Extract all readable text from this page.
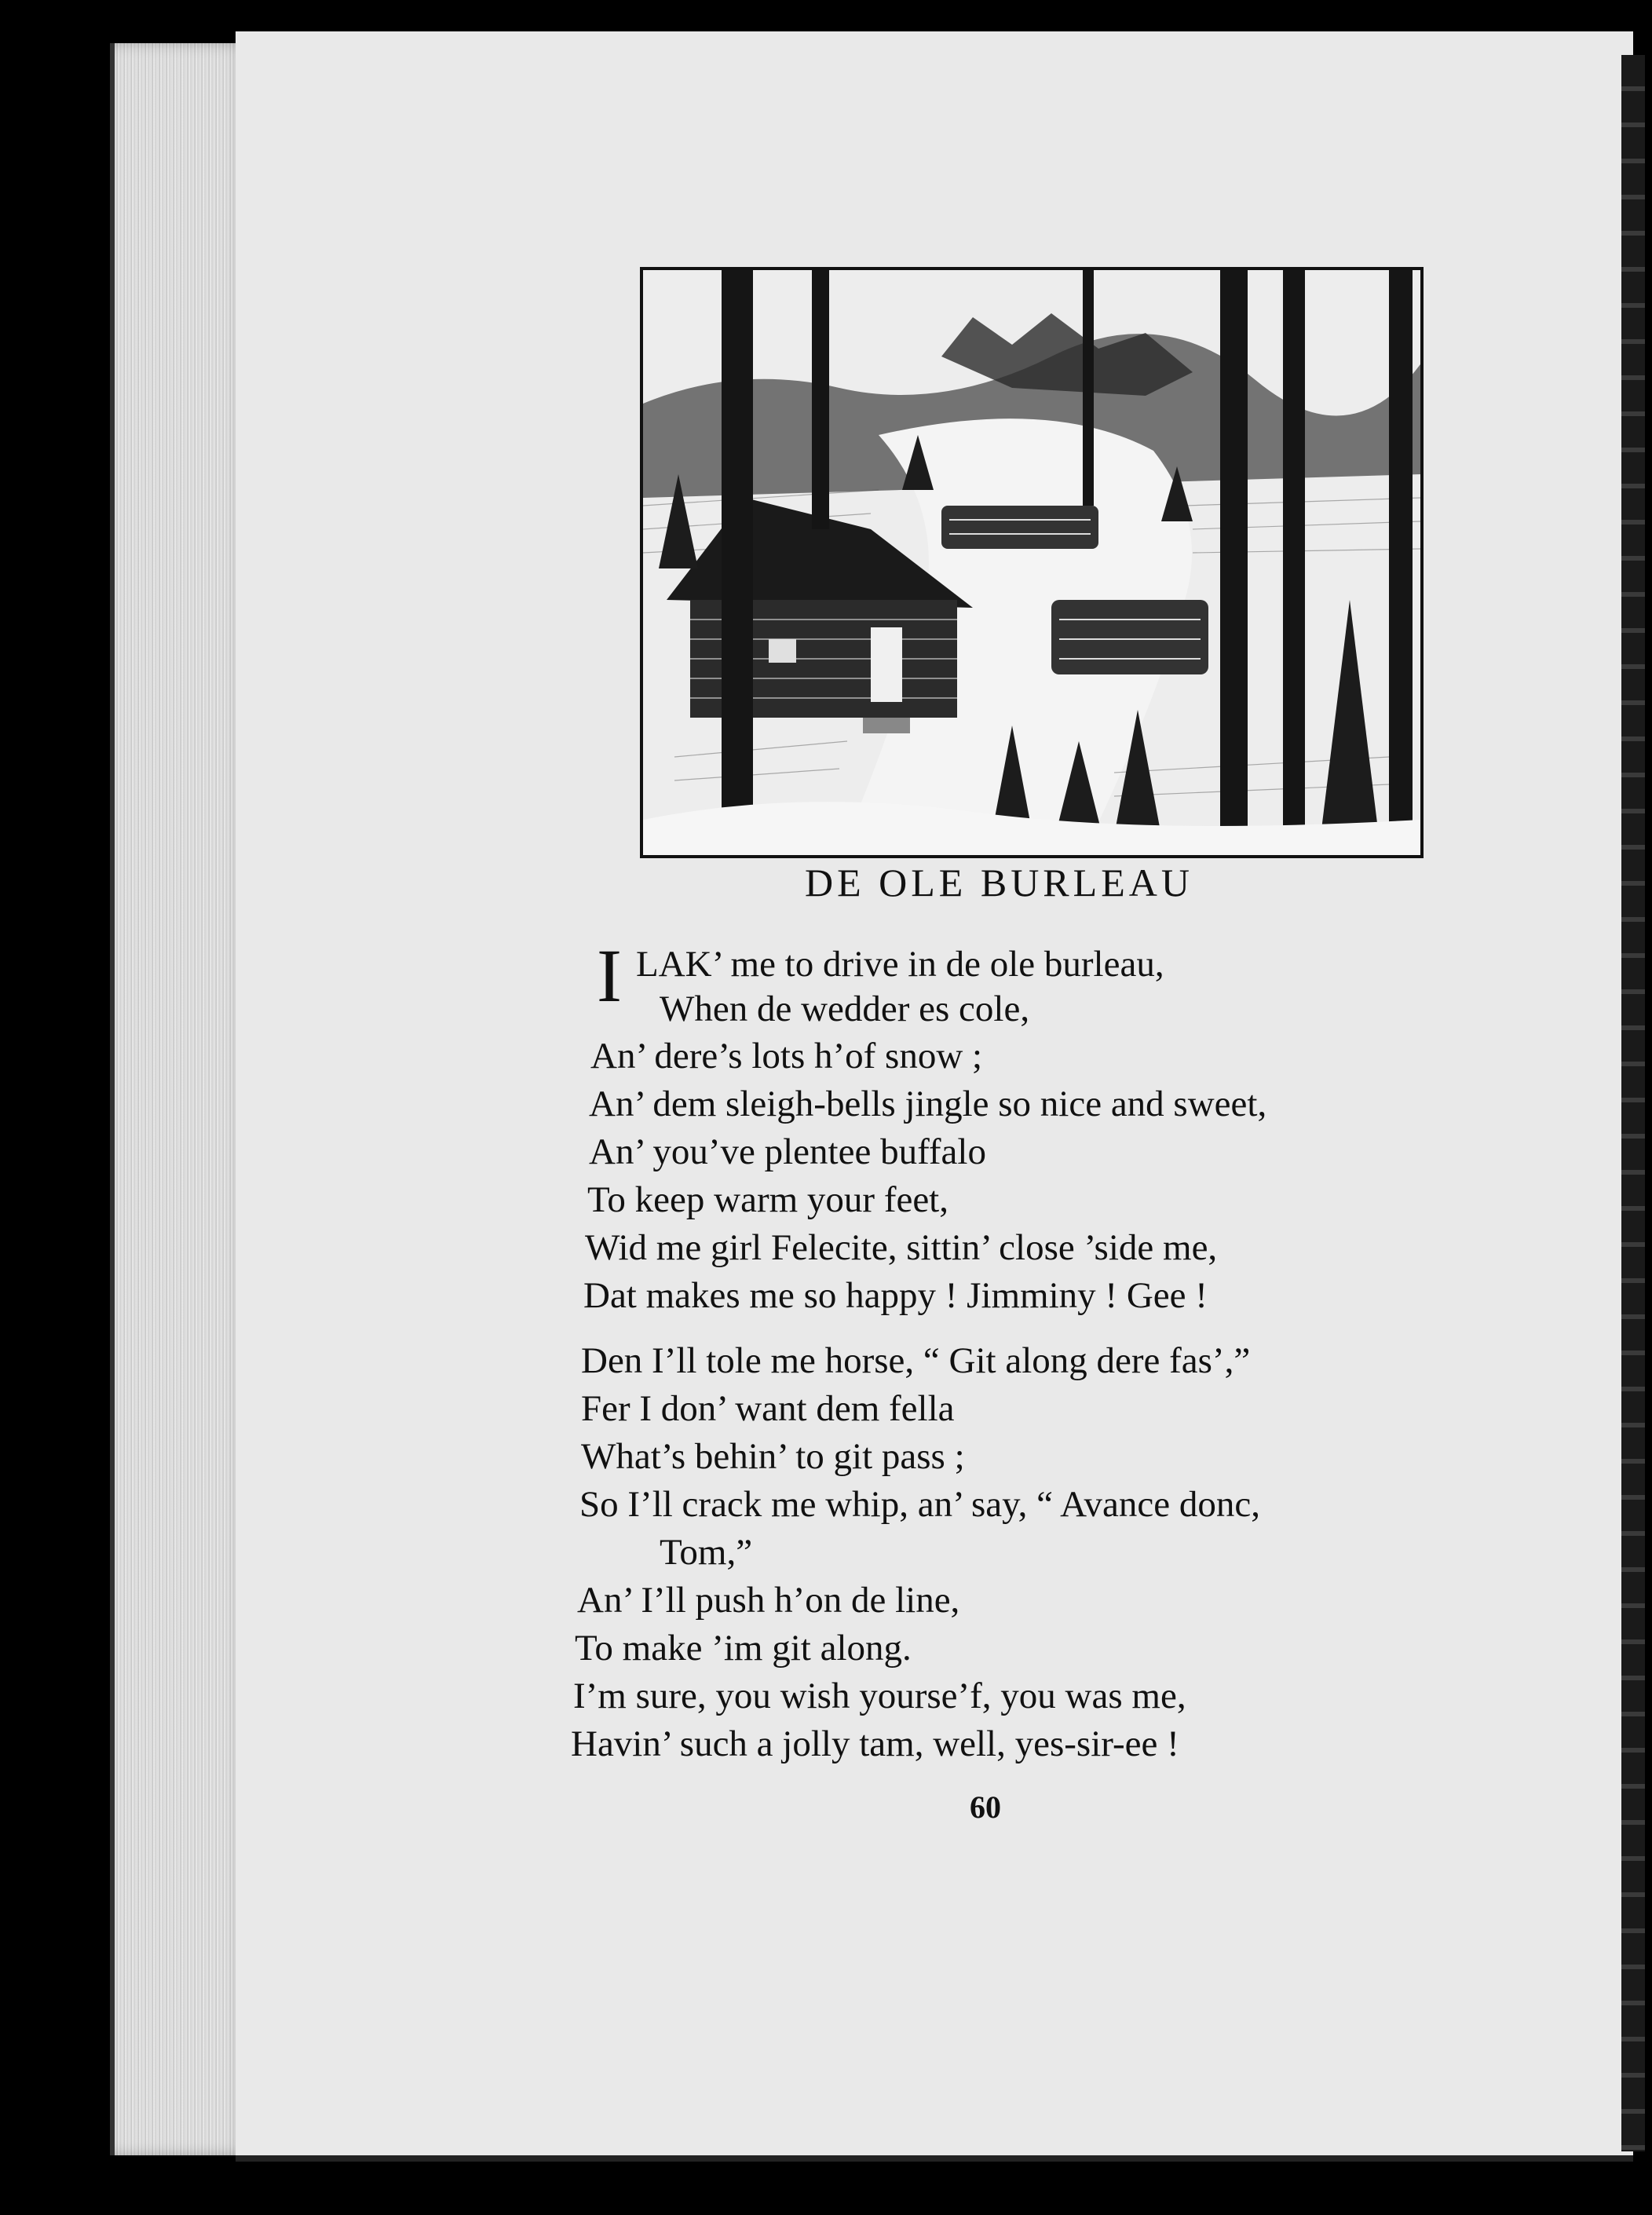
DE OLE BURLEAU
I LAK’ me to drive in de ole burleau,
When de wedder es cole,
An’ dere’s lots h’of snow ;
An’ dem sleigh-bells jingle so nice and sweet,
An’ you’ve plentee buffalo
To keep warm your feet,
Wid me girl Felecite, sittin’ close ’side me,
Dat makes me so happy ! Jimminy ! Gee !
Den I’ll tole me horse, “ Git along dere fas’,”
Fer I don’ want dem fella
What’s behin’ to git pass ;
So I’ll crack me whip, an’ say, “ Avance donc,
Tom,”
An’ I’ll push h’on de line,
To make ’im git along.
I’m sure, you wish yourse’f, you was me,
Havin’ such a jolly tam, well, yes-sir-ee !
60
